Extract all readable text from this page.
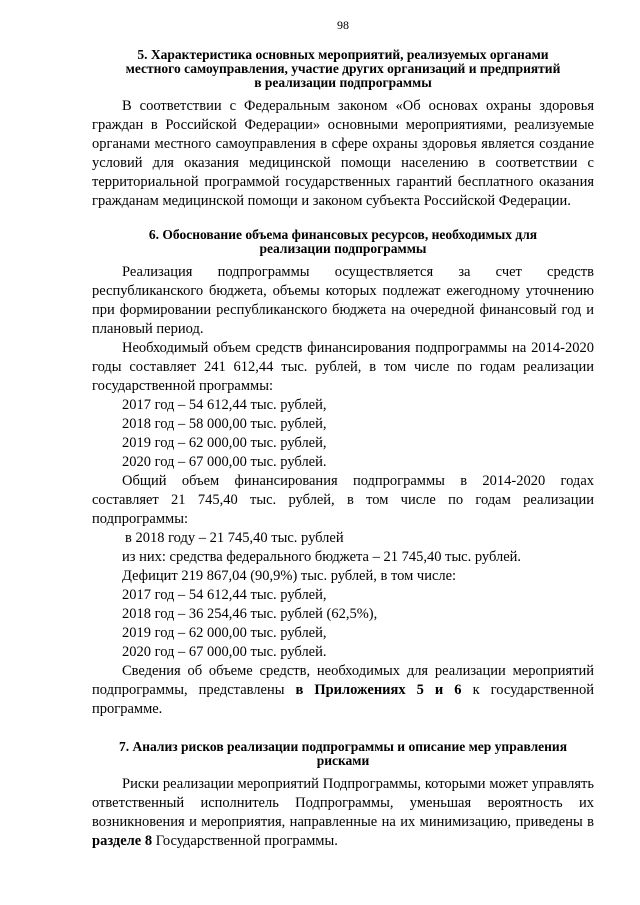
98
5. Характеристика основных мероприятий, реализуемых органами
местного самоуправления, участие других организаций и предприятий
в реализации подпрограммы

В соответствии с Федеральным законом «Об основах охраны здоровья граждан в Российской Федерации» основными мероприятиями, реализуемые органами местного самоуправления в сфере охраны здоровья является создание условий для оказания медицинской помощи населению в соответствии с территориальной программой государственных гарантий бесплатного оказания гражданам медицинской помощи и законом субъекта Российской Федерации.

6. Обоснование объема финансовых ресурсов, необходимых для
реализации подпрограммы

Реализация подпрограммы осуществляется за счет средств республиканского бюджета, объемы которых подлежат ежегодному уточнению при формировании республиканского бюджета на очередной финансовый год и плановый период.

Необходимый объем средств финансирования подпрограммы на 2014-2020 годы составляет 241 612,44 тыс. рублей, в том числе по годам реализации государственной программы:

2017 год – 54 612,44 тыс. рублей,

2018 год – 58 000,00 тыс. рублей,

2019 год – 62 000,00 тыс. рублей,

2020 год – 67 000,00 тыс. рублей.

Общий объем финансирования подпрограммы в 2014-2020 годах составляет 21 745,40 тыс. рублей, в том числе по годам реализации подпрограммы:

в 2018 году – 21 745,40 тыс. рублей

из них: средства федерального бюджета – 21 745,40 тыс. рублей.

Дефицит 219 867,04 (90,9%) тыс. рублей, в том числе:

2017 год – 54 612,44 тыс. рублей,

2018 год – 36 254,46 тыс. рублей (62,5%),

2019 год – 62 000,00 тыс. рублей,

2020 год – 67 000,00 тыс. рублей.

Сведения об объеме средств, необходимых для реализации мероприятий подпрограммы, представлены в Приложениях 5 и 6 к государственной программе.

7. Анализ рисков реализации подпрограммы и описание мер управления
рисками

Риски реализации мероприятий Подпрограммы, которыми может управлять ответственный исполнитель Подпрограммы, уменьшая вероятность их возникновения и мероприятия, направленные на их минимизацию, приведены в разделе 8 Государственной программы.
